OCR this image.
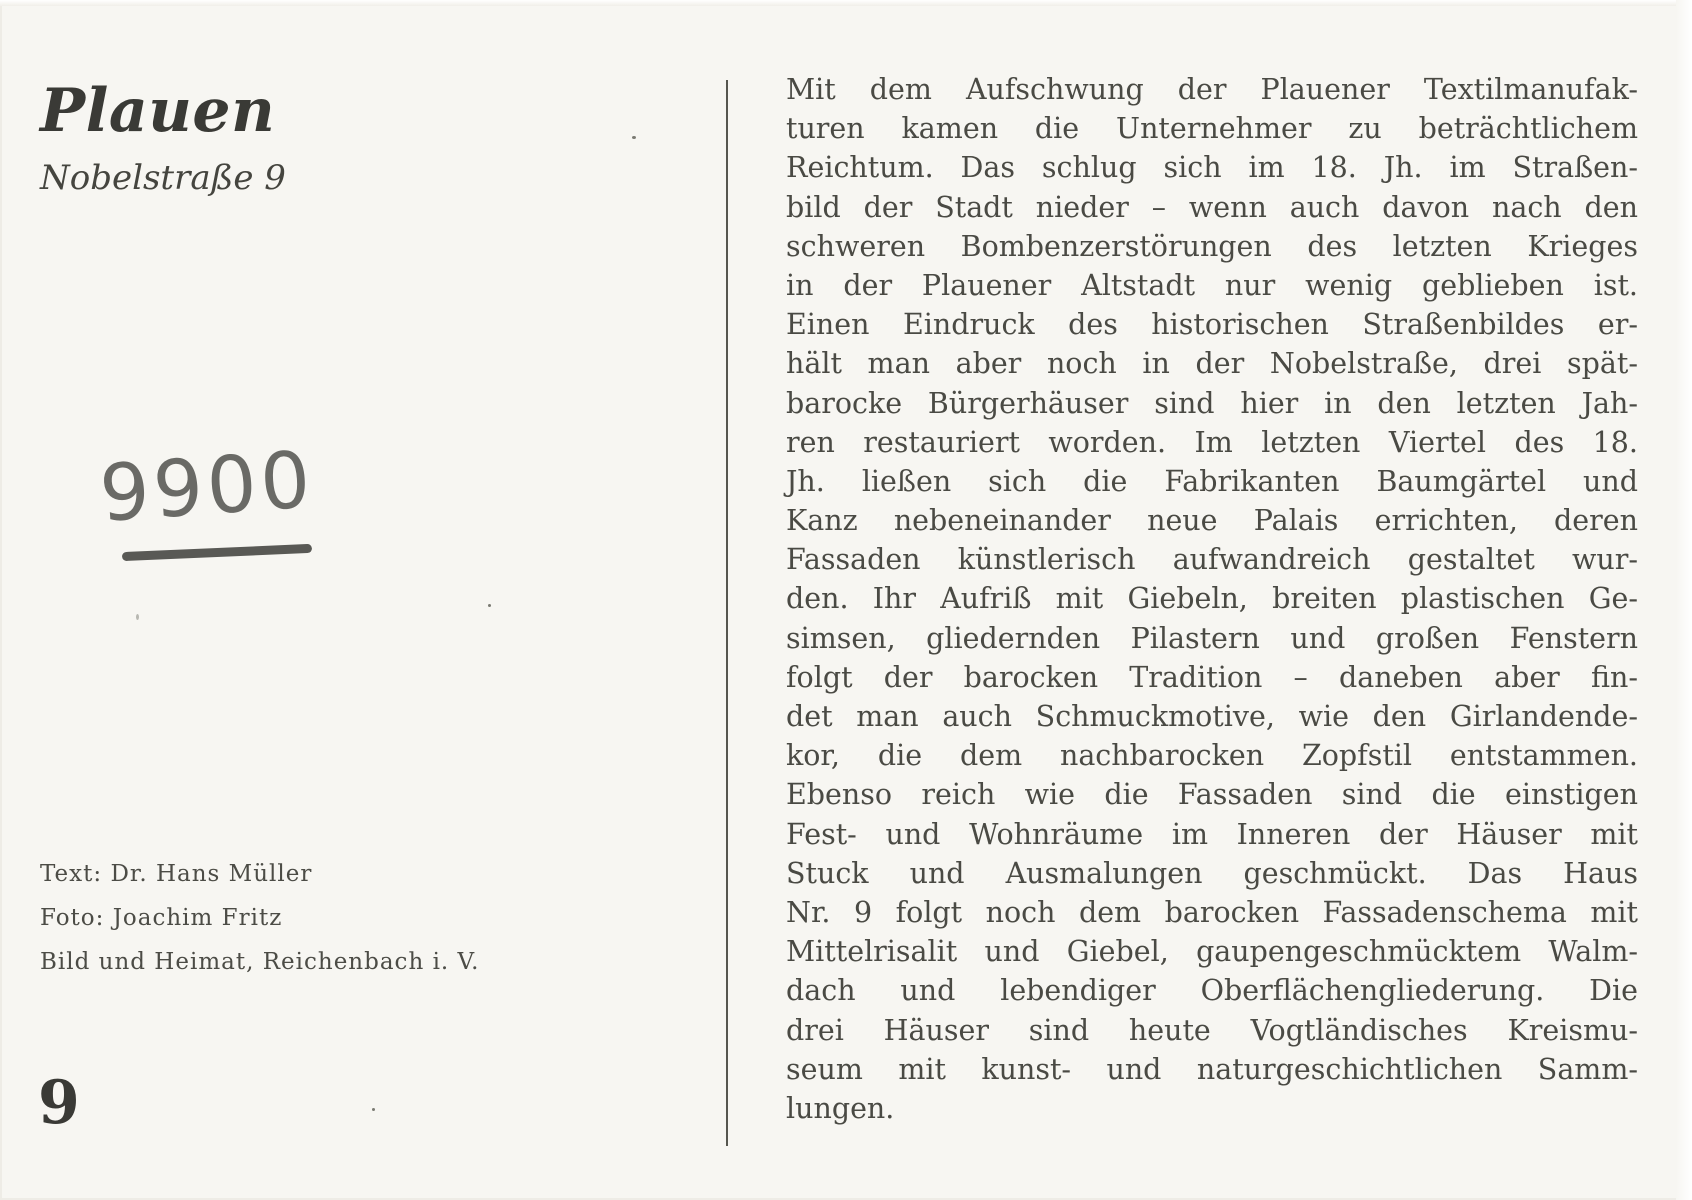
Plauen
Nobelstraße 9
9900
Text: Dr. Hans Müller
Foto: Joachim Fritz
Bild und Heimat, Reichenbach i. V.
9
Mit dem Aufschwung der Plauener Textilmanufak-
turen kamen die Unternehmer zu beträchtlichem
Reichtum. Das schlug sich im 18. Jh. im Straßen-
bild der Stadt nieder – wenn auch davon nach den
schweren Bombenzerstörungen des letzten Krieges
in der Plauener Altstadt nur wenig geblieben ist.
Einen Eindruck des historischen Straßenbildes er-
hält man aber noch in der Nobelstraße, drei spät-
barocke Bürgerhäuser sind hier in den letzten Jah-
ren restauriert worden. Im letzten Viertel des 18.
Jh. ließen sich die Fabrikanten Baumgärtel und
Kanz nebeneinander neue Palais errichten, deren
Fassaden künstlerisch aufwandreich gestaltet wur-
den. Ihr Aufriß mit Giebeln, breiten plastischen Ge-
simsen, gliedernden Pilastern und großen Fenstern
folgt der barocken Tradition – daneben aber fin-
det man auch Schmuckmotive, wie den Girlandende-
kor, die dem nachbarocken Zopfstil entstammen.
Ebenso reich wie die Fassaden sind die einstigen
Fest- und Wohnräume im Inneren der Häuser mit
Stuck und Ausmalungen geschmückt. Das Haus
Nr. 9 folgt noch dem barocken Fassadenschema mit
Mittelrisalit und Giebel, gaupengeschmücktem Walm-
dach und lebendiger Oberflächengliederung. Die
drei Häuser sind heute Vogtländisches Kreismu-
seum mit kunst- und naturgeschichtlichen Samm-
lungen.
